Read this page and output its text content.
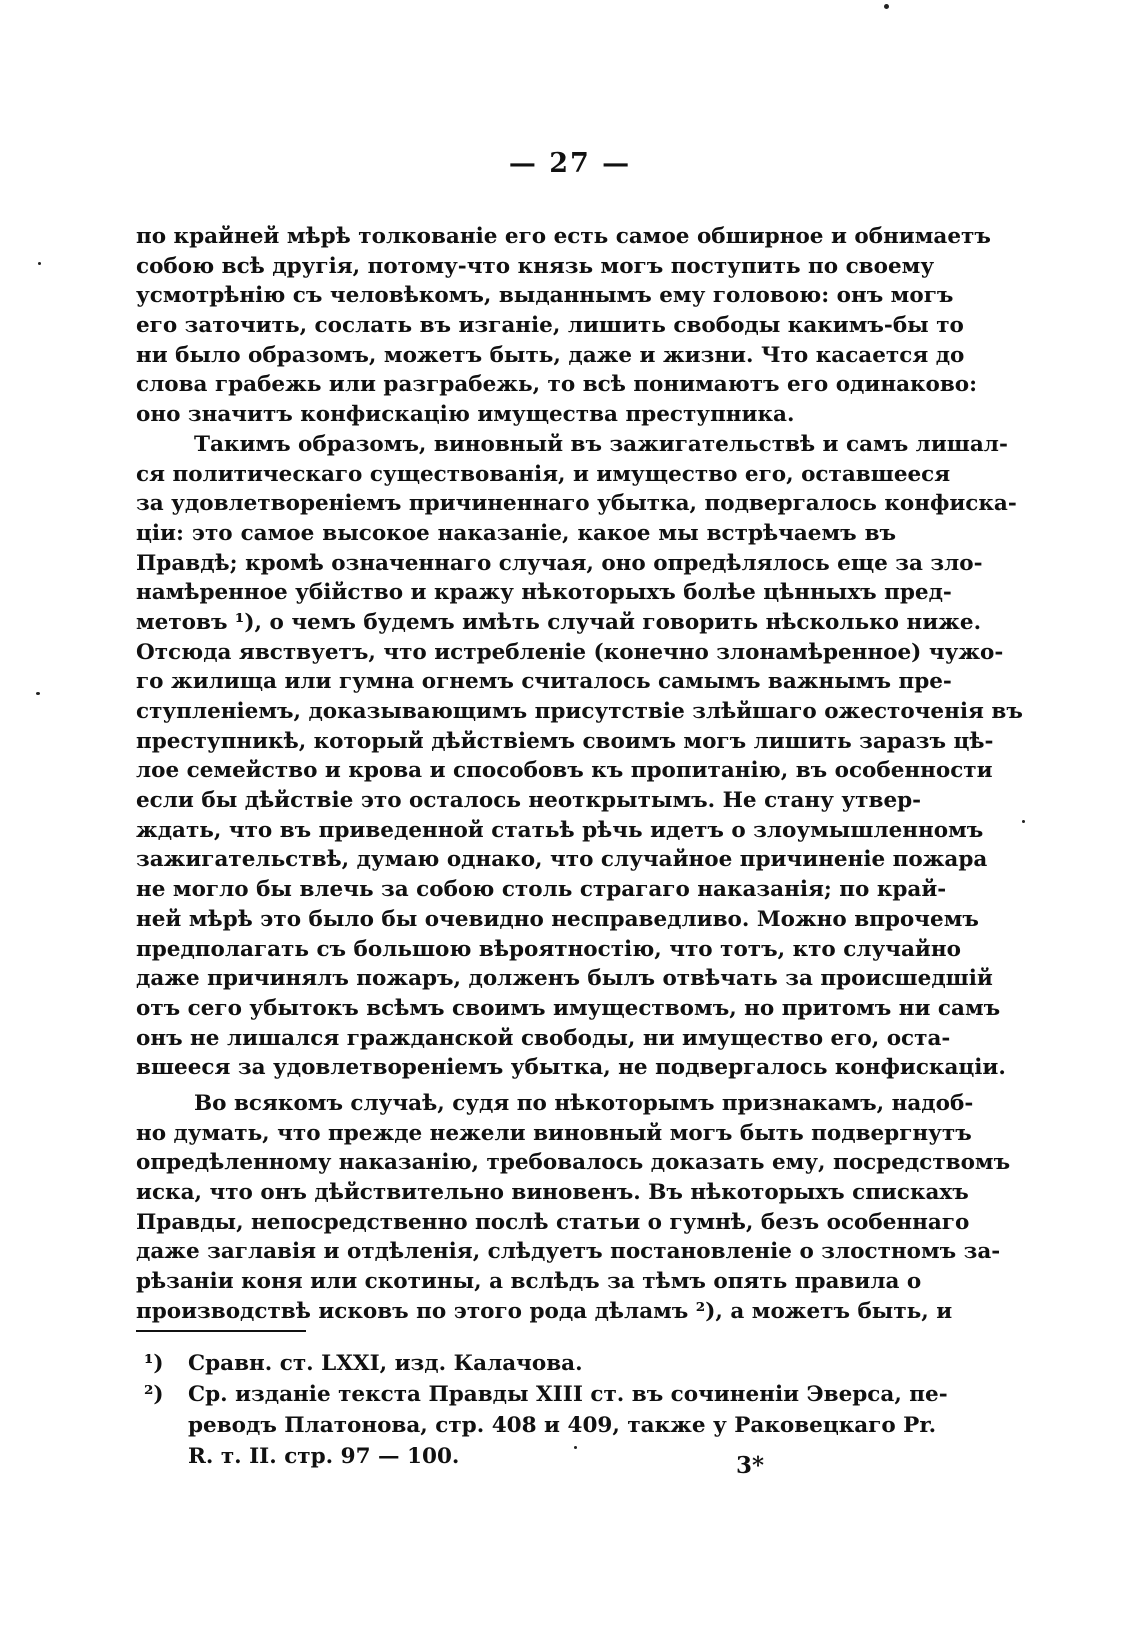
— 27 —
по крайней мѣрѣ толкованіе его есть самое обширное и обнимаетъ
собою всѣ другія, потому-что князь могъ поступить по своему
усмотрѣнію съ человѣкомъ, выданнымъ ему головою: онъ могъ
его заточить, сослать въ изганіе, лишить свободы какимъ-бы то
ни было образомъ, можетъ быть, даже и жизни. Что касается до
слова грабежь или разграбежь, то всѣ понимаютъ его одинаково:
оно значитъ конфискацію имущества преступника.
Такимъ образомъ, виновный въ зажигательствѣ и самъ лишал-
ся политическаго существованія, и имущество его, оставшееся
за удовлетвореніемъ причиненнаго убытка, подвергалось конфиска-
ціи: это самое высокое наказаніе, какое мы встрѣчаемъ въ
Правдѣ; кромѣ означеннаго случая, оно опредѣлялось еще за зло-
намѣренное убійство и кражу нѣкоторыхъ болѣе цѣнныхъ пред-
метовъ ¹), о чемъ будемъ имѣть случай говорить нѣсколько ниже.
Отсюда явствуетъ, что истребленіе (конечно злонамѣренное) чужо-
го жилища или гумна огнемъ считалось самымъ важнымъ пре-
ступленіемъ, доказывающимъ присутствіе злѣйшаго ожесточенія въ
преступникѣ, который дѣйствіемъ своимъ могъ лишить заразъ цѣ-
лое семейство и крова и способовъ къ пропитанію, въ особенности
если бы дѣйствіе это осталось неоткрытымъ. Не стану утвер-
ждать, что въ приведенной статьѣ рѣчь идетъ о злоумышленномъ
зажигательствѣ, думаю однако, что случайное причиненіе пожара
не могло бы влечь за собою столь страгаго наказанія; по край-
ней мѣрѣ это было бы очевидно несправедливо. Можно впрочемъ
предполагать съ большою вѣроятностію, что тотъ, кто случайно
даже причинялъ пожаръ, долженъ былъ отвѣчать за происшедшій
отъ сего убытокъ всѣмъ своимъ имуществомъ, но притомъ ни самъ
онъ не лишался гражданской свободы, ни имущество его, оста-
вшееся за удовлетвореніемъ убытка, не подвергалось конфискаціи.
Во всякомъ случаѣ, судя по нѣкоторымъ признакамъ, надоб-
но думать, что прежде нежели виновный могъ быть подвергнутъ
опредѣленному наказанію, требовалось доказать ему, посредствомъ
иска, что онъ дѣйствительно виновенъ. Въ нѣкоторыхъ спискахъ
Правды, непосредственно послѣ статьи о гумнѣ, безъ особеннаго
даже заглавія и отдѣленія, слѣдуетъ постановленіе о злостномъ за-
рѣзаніи коня или скотины, а вслѣдъ за тѣмъ опять правила о
производствѣ исковъ по этого рода дѣламъ ²), а можетъ быть, и
¹) Сравн. ст. LXXI, изд. Калачова.
²) Ср. изданіе текста Правды XIII ст. въ сочиненіи Эверса, пе-
реводъ Платонова, стр. 408 и 409, также у Раковецкаго Pr.
R. т. II. стр. 97 — 100.	3*
